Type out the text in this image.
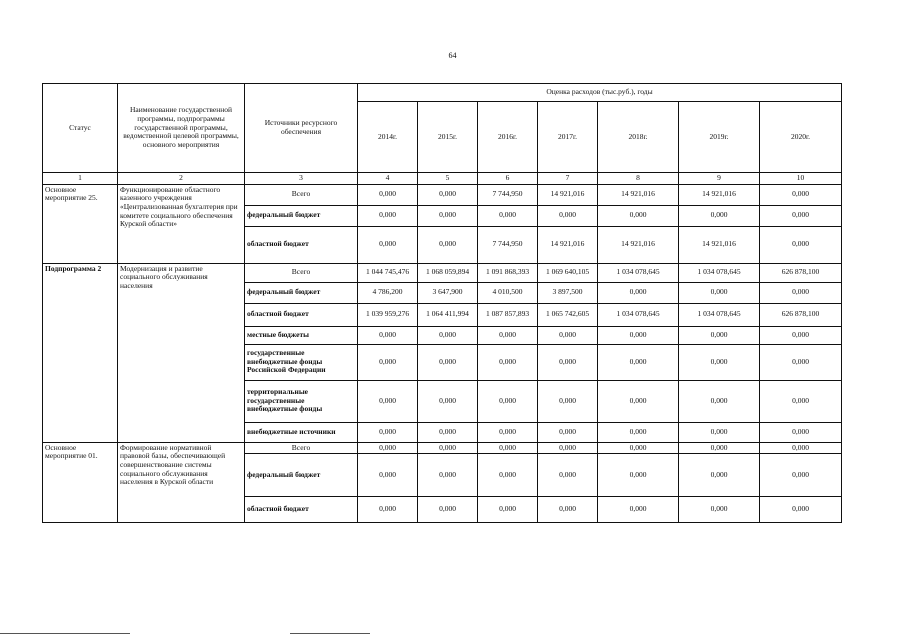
64
Статус	Наименование государственной программы, подпрограммы государственной программы, ведомственной целевой программы, основного мероприятия	Источники ресурсного обеспечения	Оценка расходов (тыс.руб.), годы						
			2014г.	2015г.	2016г.	2017г.	2018г.	2019г.	2020г.
1	2	3	4	5	6	7	8	9	10
Основное мероприятие 25.	Функционирование областного казенного учреждения «Централизованная бухгалтерия при комитете социального обеспечения Курской области»	Всего	0,000	0,000	7 744,950	14 921,016	14 921,016	14 921,016	0,000
		федеральный бюджет	0,000	0,000	0,000	0,000	0,000	0,000	0,000
		областной бюджет	0,000	0,000	7 744,950	14 921,016	14 921,016	14 921,016	0,000
Подпрограмма 2	Модернизация и развитие социального обслуживания населения	Всего	1 044 745,476	1 068 059,894	1 091 868,393	1 069 640,105	1 034 078,645	1 034 078,645	626 878,100
		федеральный бюджет	4 786,200	3 647,900	4 010,500	3 897,500	0,000	0,000	0,000
		областной бюджет	1 039 959,276	1 064 411,994	1 087 857,893	1 065 742,605	1 034 078,645	1 034 078,645	626 878,100
		местные бюджеты	0,000	0,000	0,000	0,000	0,000	0,000	0,000
		государственные внебюджетные фонды Российской Федерации	0,000	0,000	0,000	0,000	0,000	0,000	0,000
		территориальные государственные внебюджетные фонды	0,000	0,000	0,000	0,000	0,000	0,000	0,000
		внебюджетные источники	0,000	0,000	0,000	0,000	0,000	0,000	0,000
Основное мероприятие 01.	Формирование нормативной правовой базы, обеспечивающей совершенствование системы социального обслуживания населения в Курской области	Всего	0,000	0,000	0,000	0,000	0,000	0,000	0,000
		федеральный бюджет	0,000	0,000	0,000	0,000	0,000	0,000	0,000
		областной бюджет	0,000	0,000	0,000	0,000	0,000	0,000	0,000
